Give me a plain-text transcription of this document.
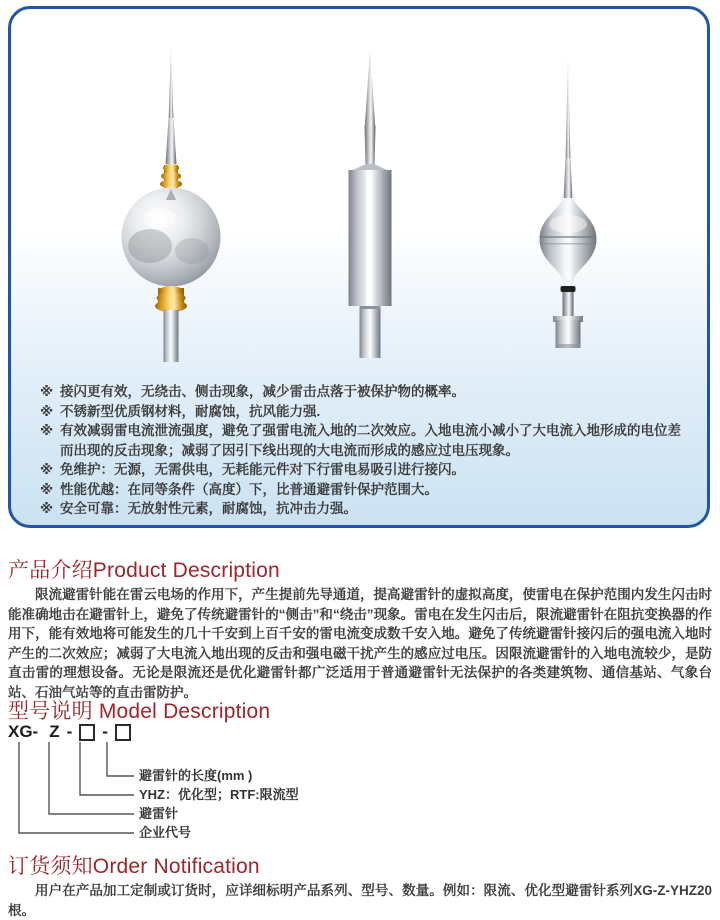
※ 接闪更有效，无绕击、侧击现象，减少雷击点落于被保护物的概率。
※ 不锈新型优质钢材料，耐腐蚀，抗风能力强.
※ 有效减弱雷电流泄流强度，避免了强雷电流入地的二次效应。入地电流小减小了大电流入地形成的电位差而出现的反击现象；减弱了因引下线出现的大电流而形成的感应过电压现象。
※ 免维护：无源，无需供电，无耗能元件对下行雷电易吸引进行接闪。
※ 性能优越：在同等条件（高度）下，比普通避雷针保护范围大。
※ 安全可靠：无放射性元素，耐腐蚀，抗冲击力强。
产品介绍Product Description

限流避雷针能在雷云电场的作用下，产生提前先导通道，提高避雷针的虚拟高度，使雷电在保护范围内发生闪击时能准确地击在避雷针上，避免了传统避雷针的“侧击”和“绕击”现象。雷电在发生闪击后，限流避雷针在阻抗变换器的作用下，能有效地将可能发生的几十千安到上百千安的雷电流变成数千安入地。避免了传统避雷针接闪后的强电流入地时产生的二次效应；减弱了大电流入地出现的反击和强电磁干扰产生的感应过电压。因限流避雷针的入地电流较少，是防直击雷的理想设备。无论是限流还是优化避雷针都广泛适用于普通避雷针无法保护的各类建筑物、通信基站、气象台站、石油气站等的直击雷防护。

型号说明 Model Description
XG- Z - -

避雷针的长度(mm )

YHZ：优化型；RTF:限流型

避雷针

企业代号

订货须知Order Notification

用户在产品加工定制或订货时，应详细标明产品系列、型号、数量。例如：限流、优化型避雷针系列XG-Z-YHZ20根。
